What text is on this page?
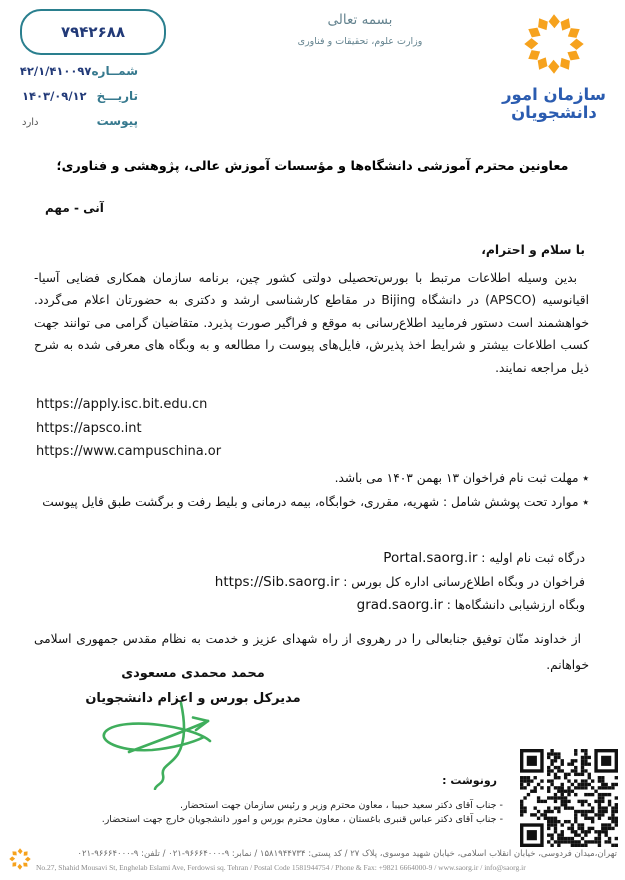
۷۹۴۲۶۸۸
شمــاره
۴۲/۱/۴۱۰۰۹۷
تاریـــخ
۱۴۰۳/۰۹/۱۲
پیوست
دارد
بسمه تعالی
وزارت علوم، تحقیقات و فناوری
سازمان امور
دانشجویان
معاونین محترم آموزشی دانشگاه‌ها و مؤسسات آموزش عالی، پژوهشی و فناوری؛
آنی - مهم
با سلام و احترام،
بدین وسیله اطلاعات مرتبط با بورس‌تحصیلی دولتی کشور چین، برنامه سازمان همکاری فضایی آسیا- اقیانوسیه (APSCO) در دانشگاه Bijing در مقاطع کارشناسی ارشد و دکتری به حضورتان اعلام می‌گردد. خواهشمند است دستور فرمایید اطلاع‌رسانی به موقع و فراگیر صورت پذیرد. متقاضیان گرامی می توانند جهت کسب اطلاعات بیشتر و شرایط اخذ پذیرش، فایل‌های پیوست را مطالعه و به وبگاه های معرفی شده به شرح ذیل مراجعه نمایند.
https://apply.isc.bit.edu.cn
https://apsco.int
https://www.campuschina.or
٭ مهلت ثبت نام فراخوان ۱۳ بهمن ۱۴۰۳ می باشد.
٭ موارد تحت پوشش شامل : شهریه، مقرری، خوابگاه، بیمه درمانی و بلیط رفت و برگشت طبق فایل پیوست
درگاه ثبت نام اولیه : Portal.saorg.ir
فراخوان در وبگاه اطلاع‌رسانی اداره کل بورس : https://Sib.saorg.ir
وبگاه ارزشیابی دانشگاه‌ها : grad.saorg.ir
از خداوند منّان توفیق جنابعالی را در رهروی از راه شهدای عزیز و خدمت به نظام مقدس جمهوری اسلامی خواهانم.
محمد محمدی مسعودی
مدیرکل بورس و اعزام دانشجویان
رونوشت :
- جناب آقای دکتر سعید حبیبا ، معاون محترم وزیر و رئیس سازمان جهت استحضار.
- جناب آقای دکتر عباس قنبری باغستان ، معاون محترم بورس و امور دانشجویان خارج جهت استحضار.
تهران،میدان فردوسی، خیابان انقلاب اسلامی، خیابان شهید موسوی، پلاک ۲۷ / کد پستی: ۱۵۸۱۹۴۴۷۳۴ / نمابر: ۹-۹۶۶۶۴۰۰۰-۰۲۱ / تلفن: ۹-۹۶۶۶۴۰۰۰-۰۲۱
No.27, Shahid Mousavi St, Enghelab Eslami Ave, Ferdowsi sq. Tehran / Postal Code 1581944754 / Phone & Fax: +9821 6664000-9 / www.saorg.ir / info@saorg.ir
